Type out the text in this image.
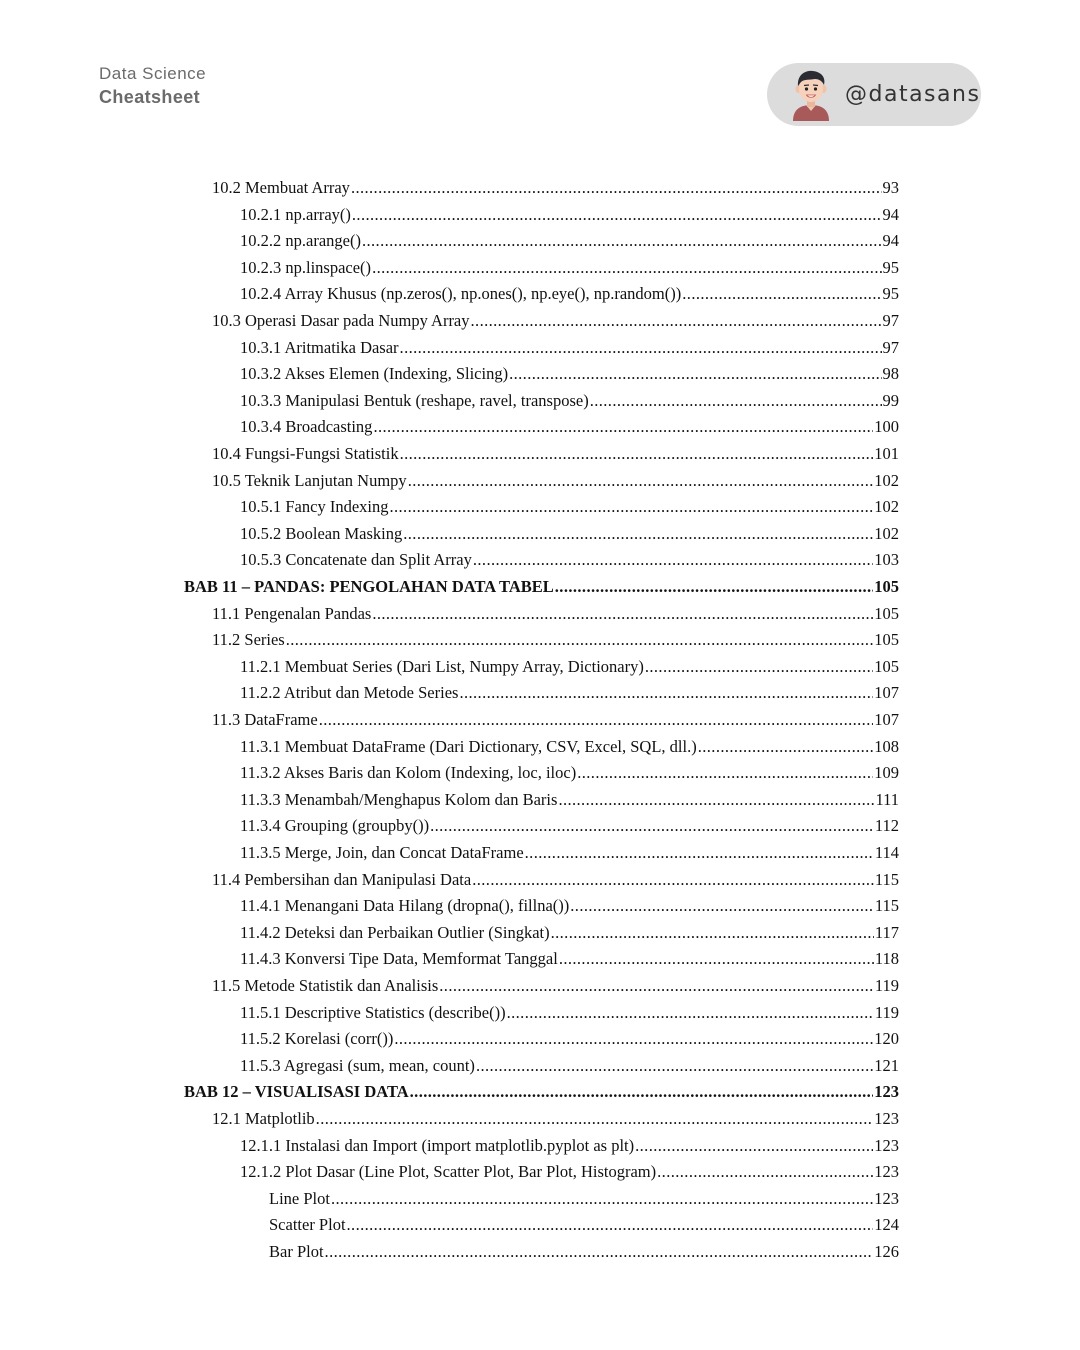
Data Science
Cheatsheet	@datasans
10.2 Membuat Array .....	93
10.2.1 np.array() .....	94
10.2.2 np.arange() .....	94
10.2.3 np.linspace() .....	95
10.2.4 Array Khusus (np.zeros(), np.ones(), np.eye(), np.random()) .....	95
10.3 Operasi Dasar pada Numpy Array .....	97
10.3.1 Aritmatika Dasar .....	97
10.3.2 Akses Elemen (Indexing, Slicing) .....	98
10.3.3 Manipulasi Bentuk (reshape, ravel, transpose) .....	99
10.3.4 Broadcasting .....	100
10.4 Fungsi-Fungsi Statistik .....	101
10.5 Teknik Lanjutan Numpy .....	102
10.5.1 Fancy Indexing .....	102
10.5.2 Boolean Masking .....	102
10.5.3 Concatenate dan Split Array .....	103
BAB 11 – PANDAS: PENGOLAHAN DATA TABEL .....	105
11.1 Pengenalan Pandas .....	105
11.2 Series .....	105
11.2.1 Membuat Series (Dari List, Numpy Array, Dictionary) .....	105
11.2.2 Atribut dan Metode Series .....	107
11.3 DataFrame .....	107
11.3.1 Membuat DataFrame (Dari Dictionary, CSV, Excel, SQL, dll.) .....	108
11.3.2 Akses Baris dan Kolom (Indexing, loc, iloc) .....	109
11.3.3 Menambah/Menghapus Kolom dan Baris .....	111
11.3.4 Grouping (groupby()) .....	112
11.3.5 Merge, Join, dan Concat DataFrame .....	114
11.4 Pembersihan dan Manipulasi Data .....	115
11.4.1 Menangani Data Hilang (dropna(), fillna()) .....	115
11.4.2 Deteksi dan Perbaikan Outlier (Singkat) .....	117
11.4.3 Konversi Tipe Data, Memformat Tanggal .....	118
11.5 Metode Statistik dan Analisis .....	119
11.5.1 Descriptive Statistics (describe()) .....	119
11.5.2 Korelasi (corr()) .....	120
11.5.3 Agregasi (sum, mean, count) .....	121
BAB 12 – VISUALISASI DATA .....	123
12.1 Matplotlib .....	123
12.1.1 Instalasi dan Import (import matplotlib.pyplot as plt) .....	123
12.1.2 Plot Dasar (Line Plot, Scatter Plot, Bar Plot, Histogram) .....	123
Line Plot .....	123
Scatter Plot .....	124
Bar Plot .....	126
